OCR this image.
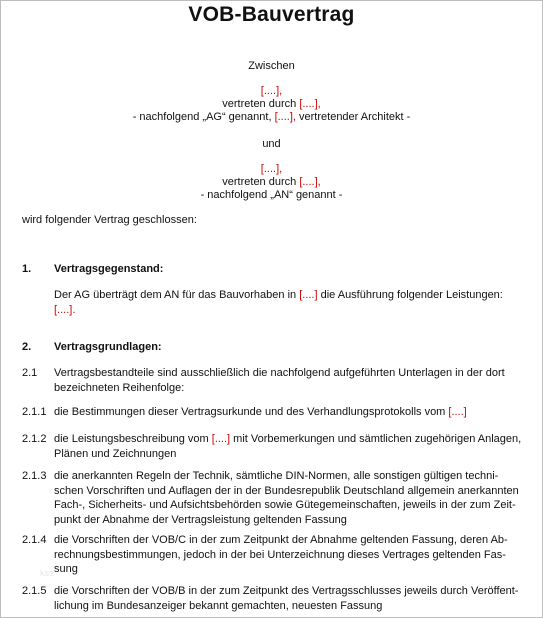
VOB-Bauvertrag
Zwischen
[....],
vertreten durch [....],
- nachfolgend „AG“ genannt, [....], vertretender Architekt -
und
[....],
vertreten durch [....],
- nachfolgend „AN“ genannt -
wird folgender Vertrag geschlossen:
1. Vertragsgegenstand:
Der AG überträgt dem AN für das Bauvorhaben in [....] die Ausführung folgender Leistungen:
[....].
2. Vertragsgrundlagen:
2.1 Vertragsbestandteile sind ausschließlich die nachfolgend aufgeführten Unterlagen in der dort
bezeichneten Reihenfolge:
2.1.1 die Bestimmungen dieser Vertragsurkunde und des Verhandlungsprotokolls vom [....]
2.1.2 die Leistungsbeschreibung vom [....] mit Vorbemerkungen und sämtlichen zugehörigen Anlagen,
Plänen und Zeichnungen
2.1.3 die anerkannten Regeln der Technik, sämtliche DIN-Normen, alle sonstigen gültigen techni-
schen Vorschriften und Auflagen der in der Bundesrepublik Deutschland allgemein anerkannten
Fach-, Sicherheits- und Aufsichtsbehörden sowie Gütegemeinschaften, jeweils in der zum Zeit-
punkt der Abnahme der Vertragsleistung geltenden Fassung
2.1.4 die Vorschriften der VOB/C in der zum Zeitpunkt der Abnahme geltenden Fassung, deren Ab-
rechnungsbestimmungen, jedoch in der bei Unterzeichnung dieses Vertrages geltenden Fas-
sung
2.1.5 die Vorschriften der VOB/B in der zum Zeitpunkt des Vertragsschlusses jeweils durch Veröffent-
lichung im Bundesanzeiger bekannt gemachten, neuesten Fassung
kss
